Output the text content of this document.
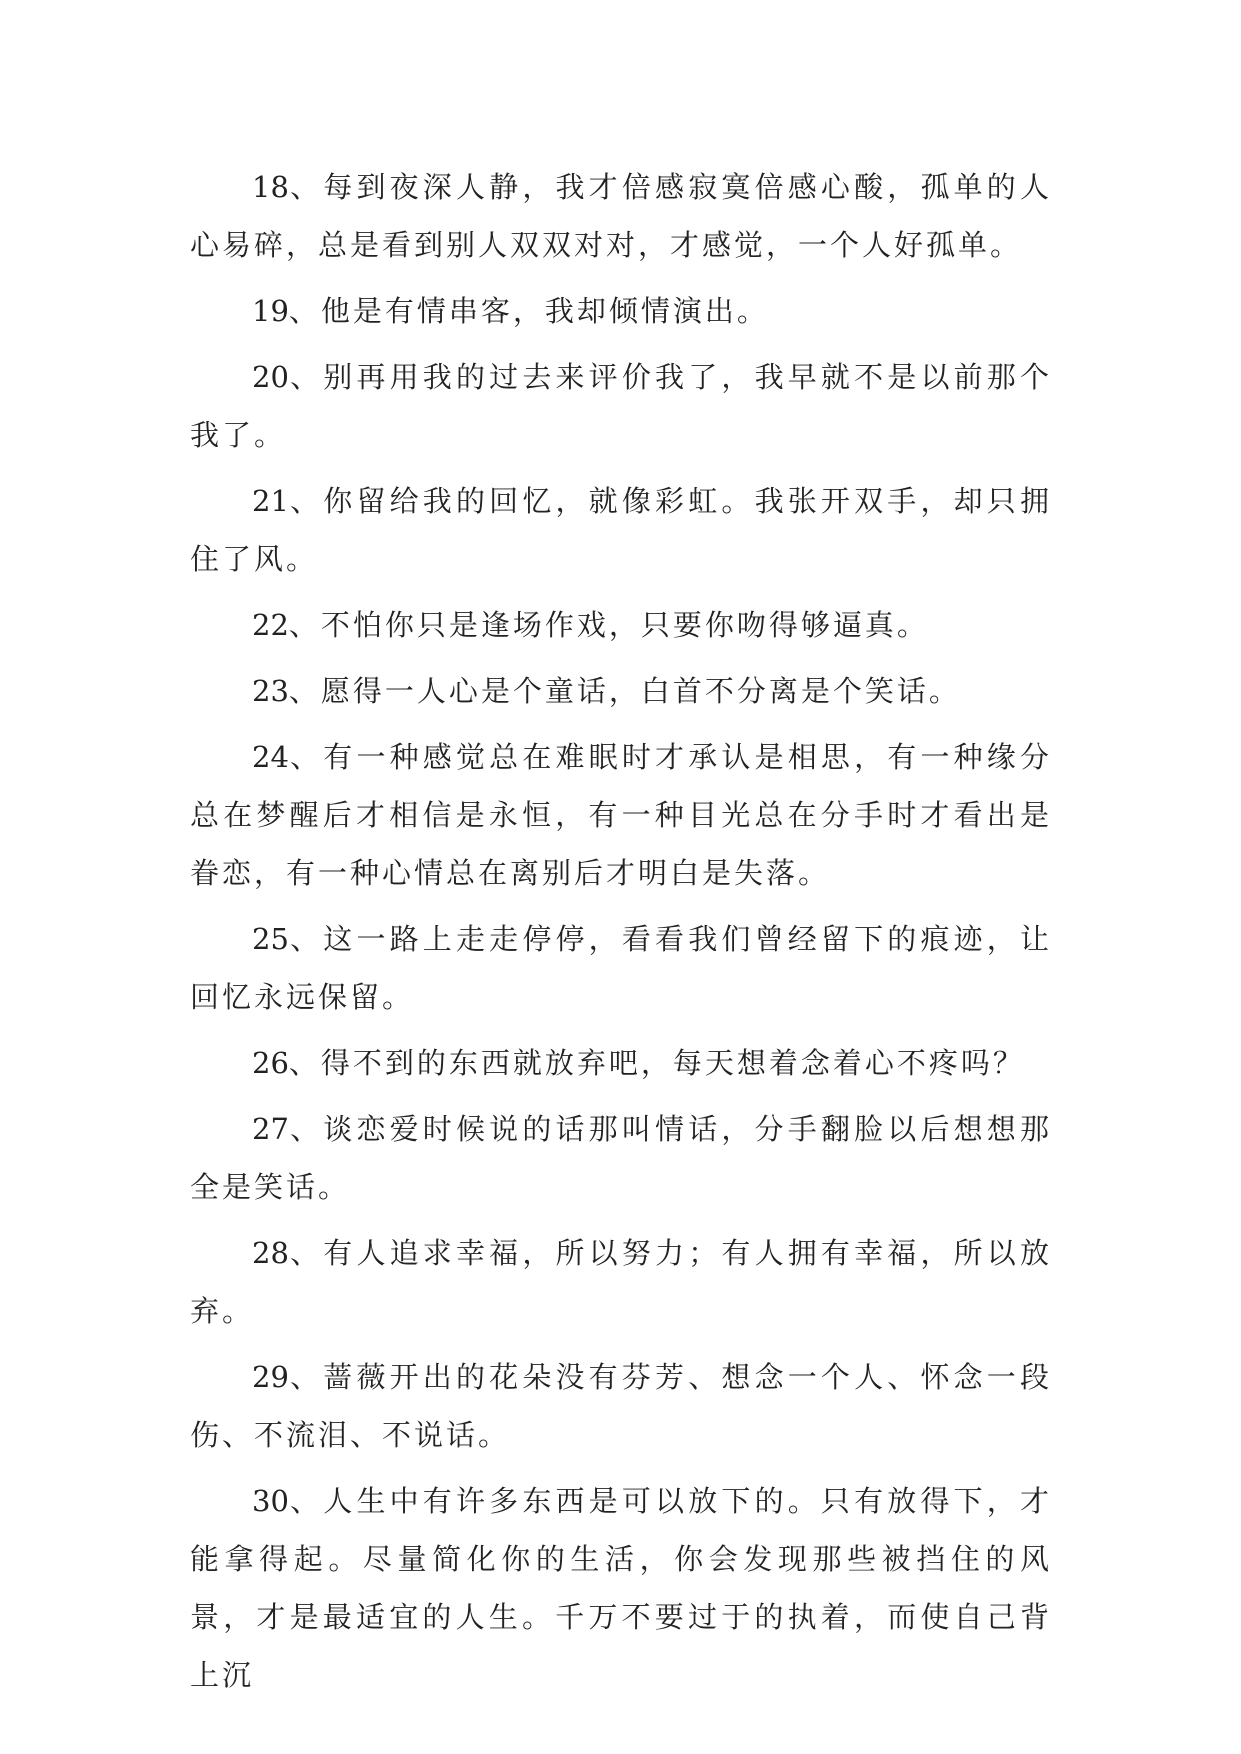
18、每到夜深人静，我才倍感寂寞倍感心酸，孤单的人心易碎，总是看到别人双双对对，才感觉，一个人好孤单。

19、他是有情串客，我却倾情演出。

20、别再用我的过去来评价我了，我早就不是以前那个我了。

21、你留给我的回忆，就像彩虹。我张开双手，却只拥住了风。

22、不怕你只是逢场作戏，只要你吻得够逼真。

23、愿得一人心是个童话，白首不分离是个笑话。

24、有一种感觉总在难眠时才承认是相思，有一种缘分总在梦醒后才相信是永恒，有一种目光总在分手时才看出是眷恋，有一种心情总在离别后才明白是失落。

25、这一路上走走停停，看看我们曾经留下的痕迹，让回忆永远保留。

26、得不到的东西就放弃吧，每天想着念着心不疼吗？

27、谈恋爱时候说的话那叫情话，分手翻脸以后想想那全是笑话。

28、有人追求幸福，所以努力；有人拥有幸福，所以放弃。

29、蔷薇开出的花朵没有芬芳、想念一个人、怀念一段伤、不流泪、不说话。

30、人生中有许多东西是可以放下的。只有放得下，才能拿得起。尽量简化你的生活，你会发现那些被挡住的风景，才是最适宜的人生。千万不要过于的执着，而使自己背上沉
